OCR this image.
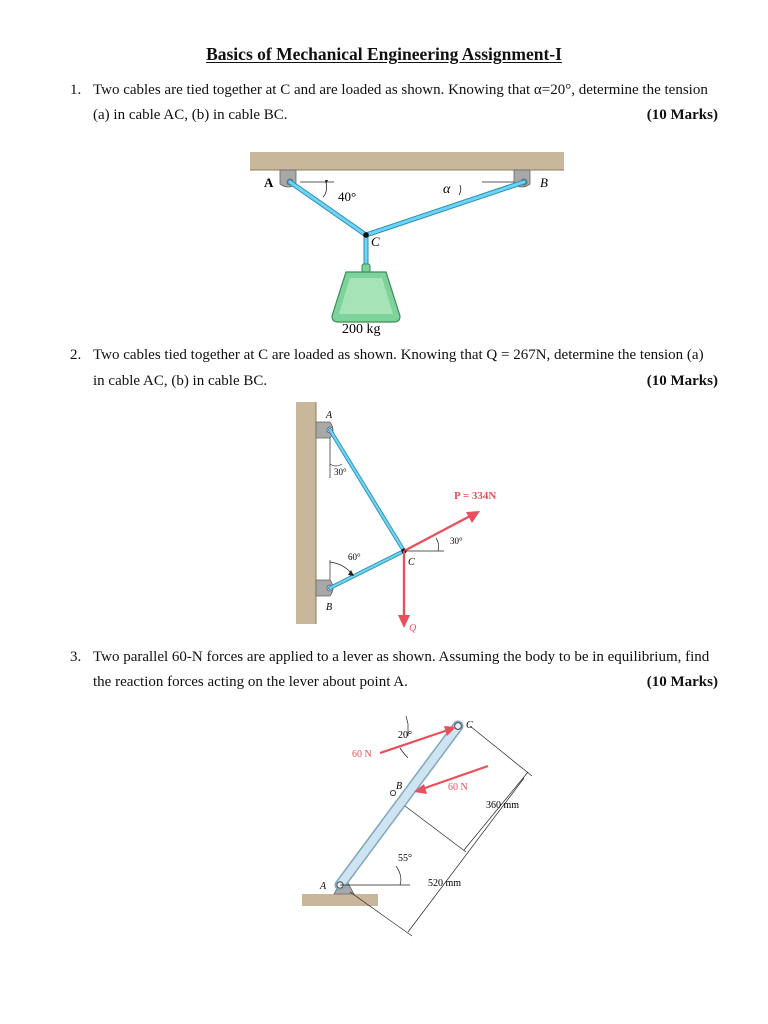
Basics of Mechanical Engineering Assignment-I
1. Two cables are tied together at C and are loaded as shown. Knowing that α=20°, determine the tension
(a) in cable AC, (b) in cable BC.	(10 Marks)
A	B
C
40°	α
200 kg
2. Two cables tied together at C are loaded as shown. Knowing that Q = 267N, determine the tension (a)
in cable AC, (b) in cable BC.	(10 Marks)
A
B
C
Q
30°
60°
30°
P = 334N
3. Two parallel 60-N forces are applied to a lever as shown. Assuming the body to be in equilibrium, find
the reaction forces acting on the lever about point A.	(10 Marks)
A
B
C
60 N
60 N
20°
55°
360 mm
520 mm
